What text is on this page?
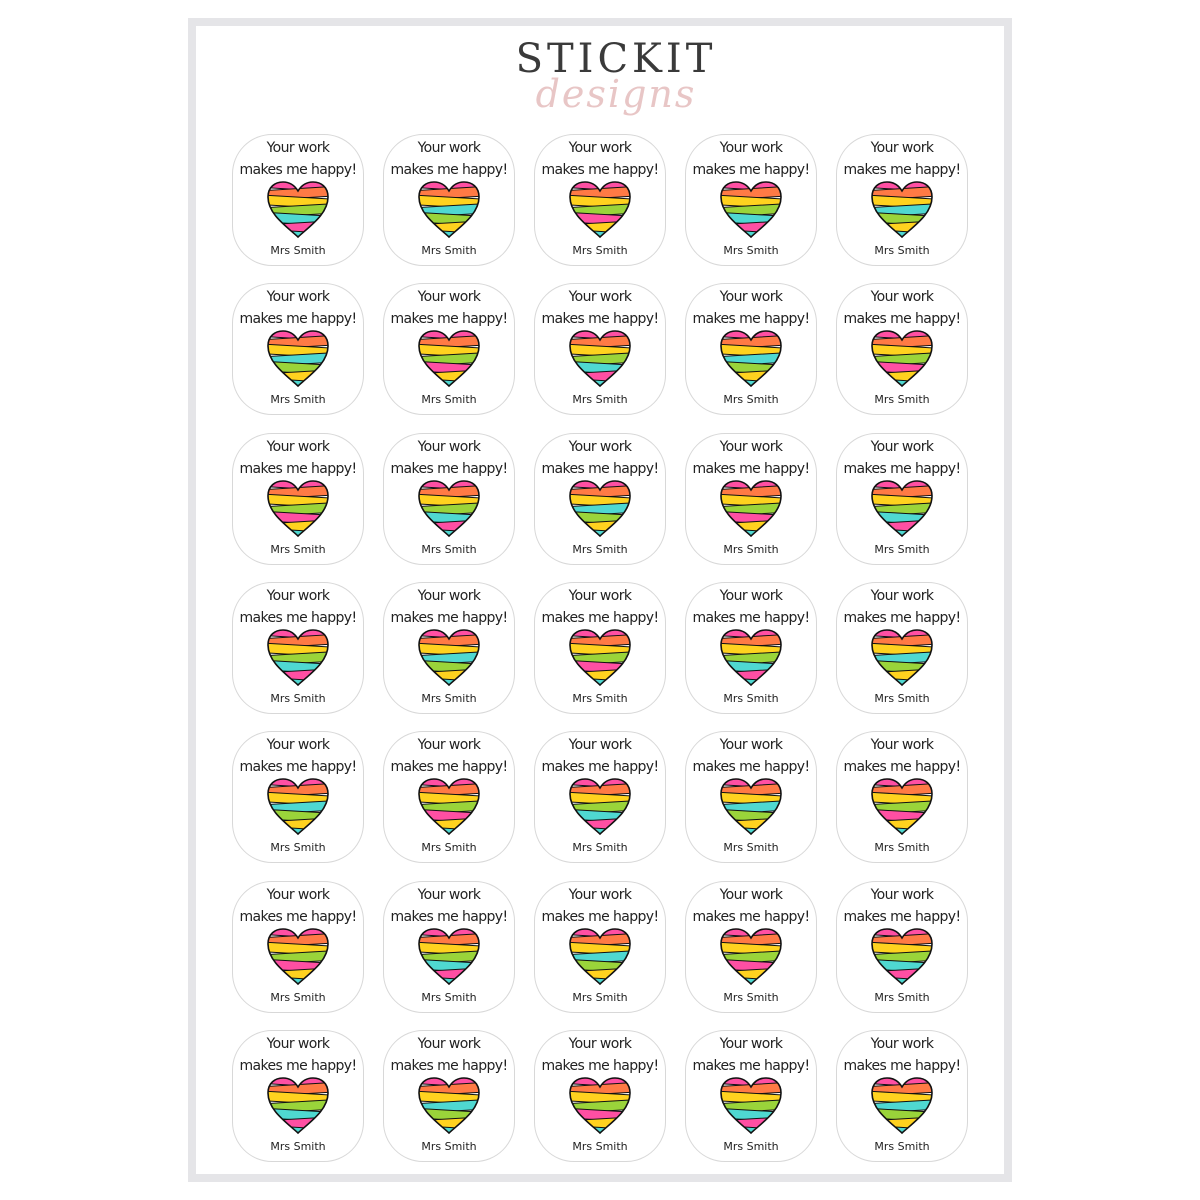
STICKIT
designs
Your work
makes me happy!
Mrs Smith
Your work
makes me happy!
Mrs Smith
Your work
makes me happy!
Mrs Smith
Your work
makes me happy!
Mrs Smith
Your work
makes me happy!
Mrs Smith
Your work
makes me happy!
Mrs Smith
Your work
makes me happy!
Mrs Smith
Your work
makes me happy!
Mrs Smith
Your work
makes me happy!
Mrs Smith
Your work
makes me happy!
Mrs Smith
Your work
makes me happy!
Mrs Smith
Your work
makes me happy!
Mrs Smith
Your work
makes me happy!
Mrs Smith
Your work
makes me happy!
Mrs Smith
Your work
makes me happy!
Mrs Smith
Your work
makes me happy!
Mrs Smith
Your work
makes me happy!
Mrs Smith
Your work
makes me happy!
Mrs Smith
Your work
makes me happy!
Mrs Smith
Your work
makes me happy!
Mrs Smith
Your work
makes me happy!
Mrs Smith
Your work
makes me happy!
Mrs Smith
Your work
makes me happy!
Mrs Smith
Your work
makes me happy!
Mrs Smith
Your work
makes me happy!
Mrs Smith
Your work
makes me happy!
Mrs Smith
Your work
makes me happy!
Mrs Smith
Your work
makes me happy!
Mrs Smith
Your work
makes me happy!
Mrs Smith
Your work
makes me happy!
Mrs Smith
Your work
makes me happy!
Mrs Smith
Your work
makes me happy!
Mrs Smith
Your work
makes me happy!
Mrs Smith
Your work
makes me happy!
Mrs Smith
Your work
makes me happy!
Mrs Smith
